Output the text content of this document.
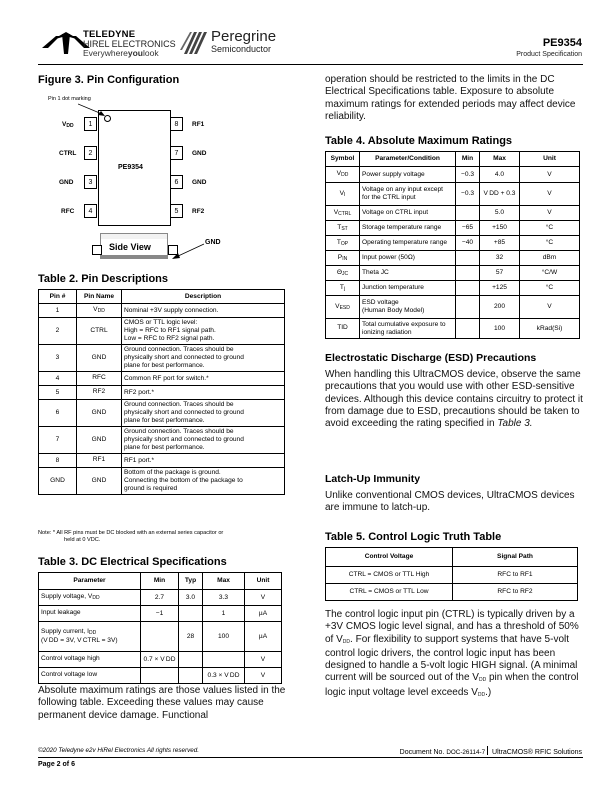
TELEDYNE
HIREL ELECTRONICS
Everywhereyoulook
Peregrine
Semiconductor	PE9354
Product Specification
Figure 3. Pin Configuration
Pin 1 dot marking
PE9354
1
2
3
4
8
7
6
5
$V_{DD}$
CTRL
GND
RFC
RF1
GND
GND
RF2
Side View	GND
Table 2. Pin Descriptions
Pin #	Pin Name	Description
1	$V_{DD}$	Nominal +3V supply connection.

2	CTRL	CMOS or TTL logic level:
High = RFC to RF1 signal path.
Low = RFC to RF2 signal path.

3	GND	Ground connection. Traces should be
physically short and connected to ground
plane for best performance.

4	RFC	Common RF port for switch.*

5	RF2	RF2 port.*

6	GND	Ground connection. Traces should be
physically short and connected to ground
plane for best performance.

7	GND	Ground connection. Traces should be
physically short and connected to ground
plane for best performance.

8	RF1	RF1 port.*

GND	GND	Bottom of the package is ground.
Connecting the bottom of the package to
ground is required
Note: * All RF pins must be DC blocked with an external series capacitor or
held at 0 VDC.
Table 3. DC Electrical Specifications
Parameter	Min	Typ	Max	Unit
Supply voltage, $V_{DD}$	2.7	3.0	3.3	V
Input leakage	−1		1	µA
Supply current, $I_{DD}$
(V DD = 3V, V CTRL = 3V)		28	100	µA
Control voltage high	0.7 × V DD			V
Control voltage low			0.3 × V DD	V
Absolute maximum ratings are those values listed in the following table. Exceeding these values may cause permanent device damage. Functional
operation should be restricted to the limits in the DC Electrical Specifications table. Exposure to absolute maximum ratings for extended periods may affect device reliability.
Table 4. Absolute Maximum Ratings
Symbol	Parameter/Condition	Min	Max	Unit
$V_{DD}$	Power supply voltage	−0.3	4.0	V
$V_I$	Voltage on any input except
for the CTRL input	−0.3	V DD + 0.3	V
$V_{CTRL}$	Voltage on CTRL input		5.0	V
$T_{ST}$	Storage temperature range	−65	+150	°C
$T_{OP}$	Operating temperature range	−40	+85	°C
$P_{IN}$	Input power (50Ω)		32	dBm
$\Theta_{JC}$	Theta JC		57	°C/W
$T_j$	Junction temperature		+125	°C
$V_{ESD}$	ESD voltage
(Human Body Model)		200	V
TID	Total cumulative exposure to
ionizing radiation		100	kRad(Si)
Electrostatic Discharge (ESD) Precautions
When handling this UltraCMOS device, observe the same precautions that you would use with other ESD-sensitive devices. Although this device contains circuitry to protect it from damage due to ESD, precautions should be taken to avoid exceeding the rating specified in Table 3.
Latch-Up Immunity
Unlike conventional CMOS devices, UltraCMOS devices are immune to latch-up.
Table 5. Control Logic Truth Table
Control Voltage	Signal Path
CTRL = CMOS or TTL High	RFC to RF1
CTRL = CMOS or TTL Low	RFC to RF2
The control logic input pin (CTRL) is typically driven by a +3V CMOS logic level signal, and has a threshold of 50% of $V_{DD}$. For flexibility to support systems that have 5-volt control logic drivers, the control logic input has been designed to handle a 5-volt logic HIGH signal. (A minimal current will be sourced out of the $V_{DD}$ pin when the control logic input voltage level exceeds $V_{DD}$.)
©2020 Teledyne e2v HiRel Electronics All rights reserved.	Document No. DOC-26114-7 UltraCMOS® RFIC Solutions
Page 2 of 6
